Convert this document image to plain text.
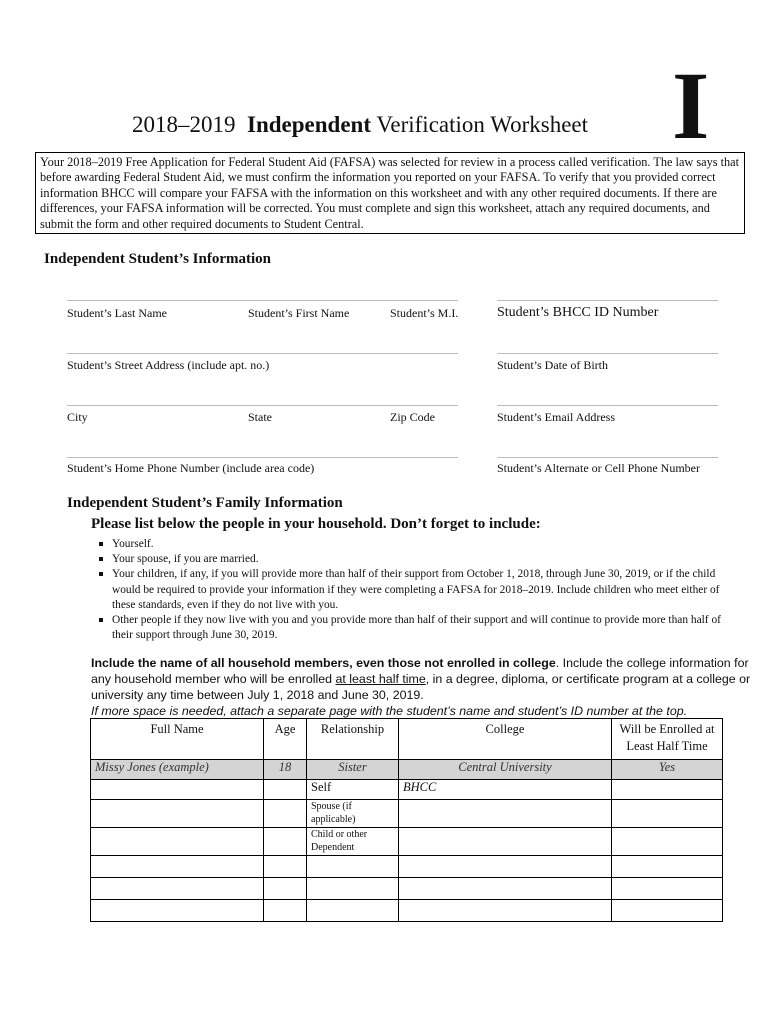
2018–2019 Independent Verification Worksheet I
Your 2018–2019 Free Application for Federal Student Aid (FAFSA) was selected for review in a process called verification. The law says that before awarding Federal Student Aid, we must confirm the information you reported on your FAFSA. To verify that you provided correct information BHCC will compare your FAFSA with the information on this worksheet and with any other required documents. If there are differences, your FAFSA information will be corrected. You must complete and sign this worksheet, attach any required documents, and submit the form and other required documents to Student Central.
Independent Student’s Information
Student’s Last Name	Student’s First Name	Student’s M.I.	Student’s BHCC ID Number
Student’s Street Address (include apt. no.)	Student’s Date of Birth
City	State	Zip Code	Student’s Email Address
Student’s Home Phone Number (include area code)	Student’s Alternate or Cell Phone Number
Independent Student’s Family Information
Please list below the people in your household. Don’t forget to include:
Yourself.
Your spouse, if you are married.
Your children, if any, if you will provide more than half of their support from October 1, 2018, through June 30, 2019, or if the child would be required to provide your information if they were completing a FAFSA for 2018–2019. Include children who meet either of these standards, even if they do not live with you.
Other people if they now live with you and you provide more than half of their support and will continue to provide more than half of their support through June 30, 2019.
Include the name of all household members, even those not enrolled in college. Include the college information for any household member who will be enrolled at least half time, in a degree, diploma, or certificate program at a college or university any time between July 1, 2018 and June 30, 2019.
If more space is needed, attach a separate page with the student’s name and student’s ID number at the top.
Full Name	Age	Relationship	College	Will be Enrolled at Least Half Time
Missy Jones (example)	18	Sister	Central University	Yes
		Self	BHCC	
		Spouse (if applicable)		
		Child or other Dependent		
